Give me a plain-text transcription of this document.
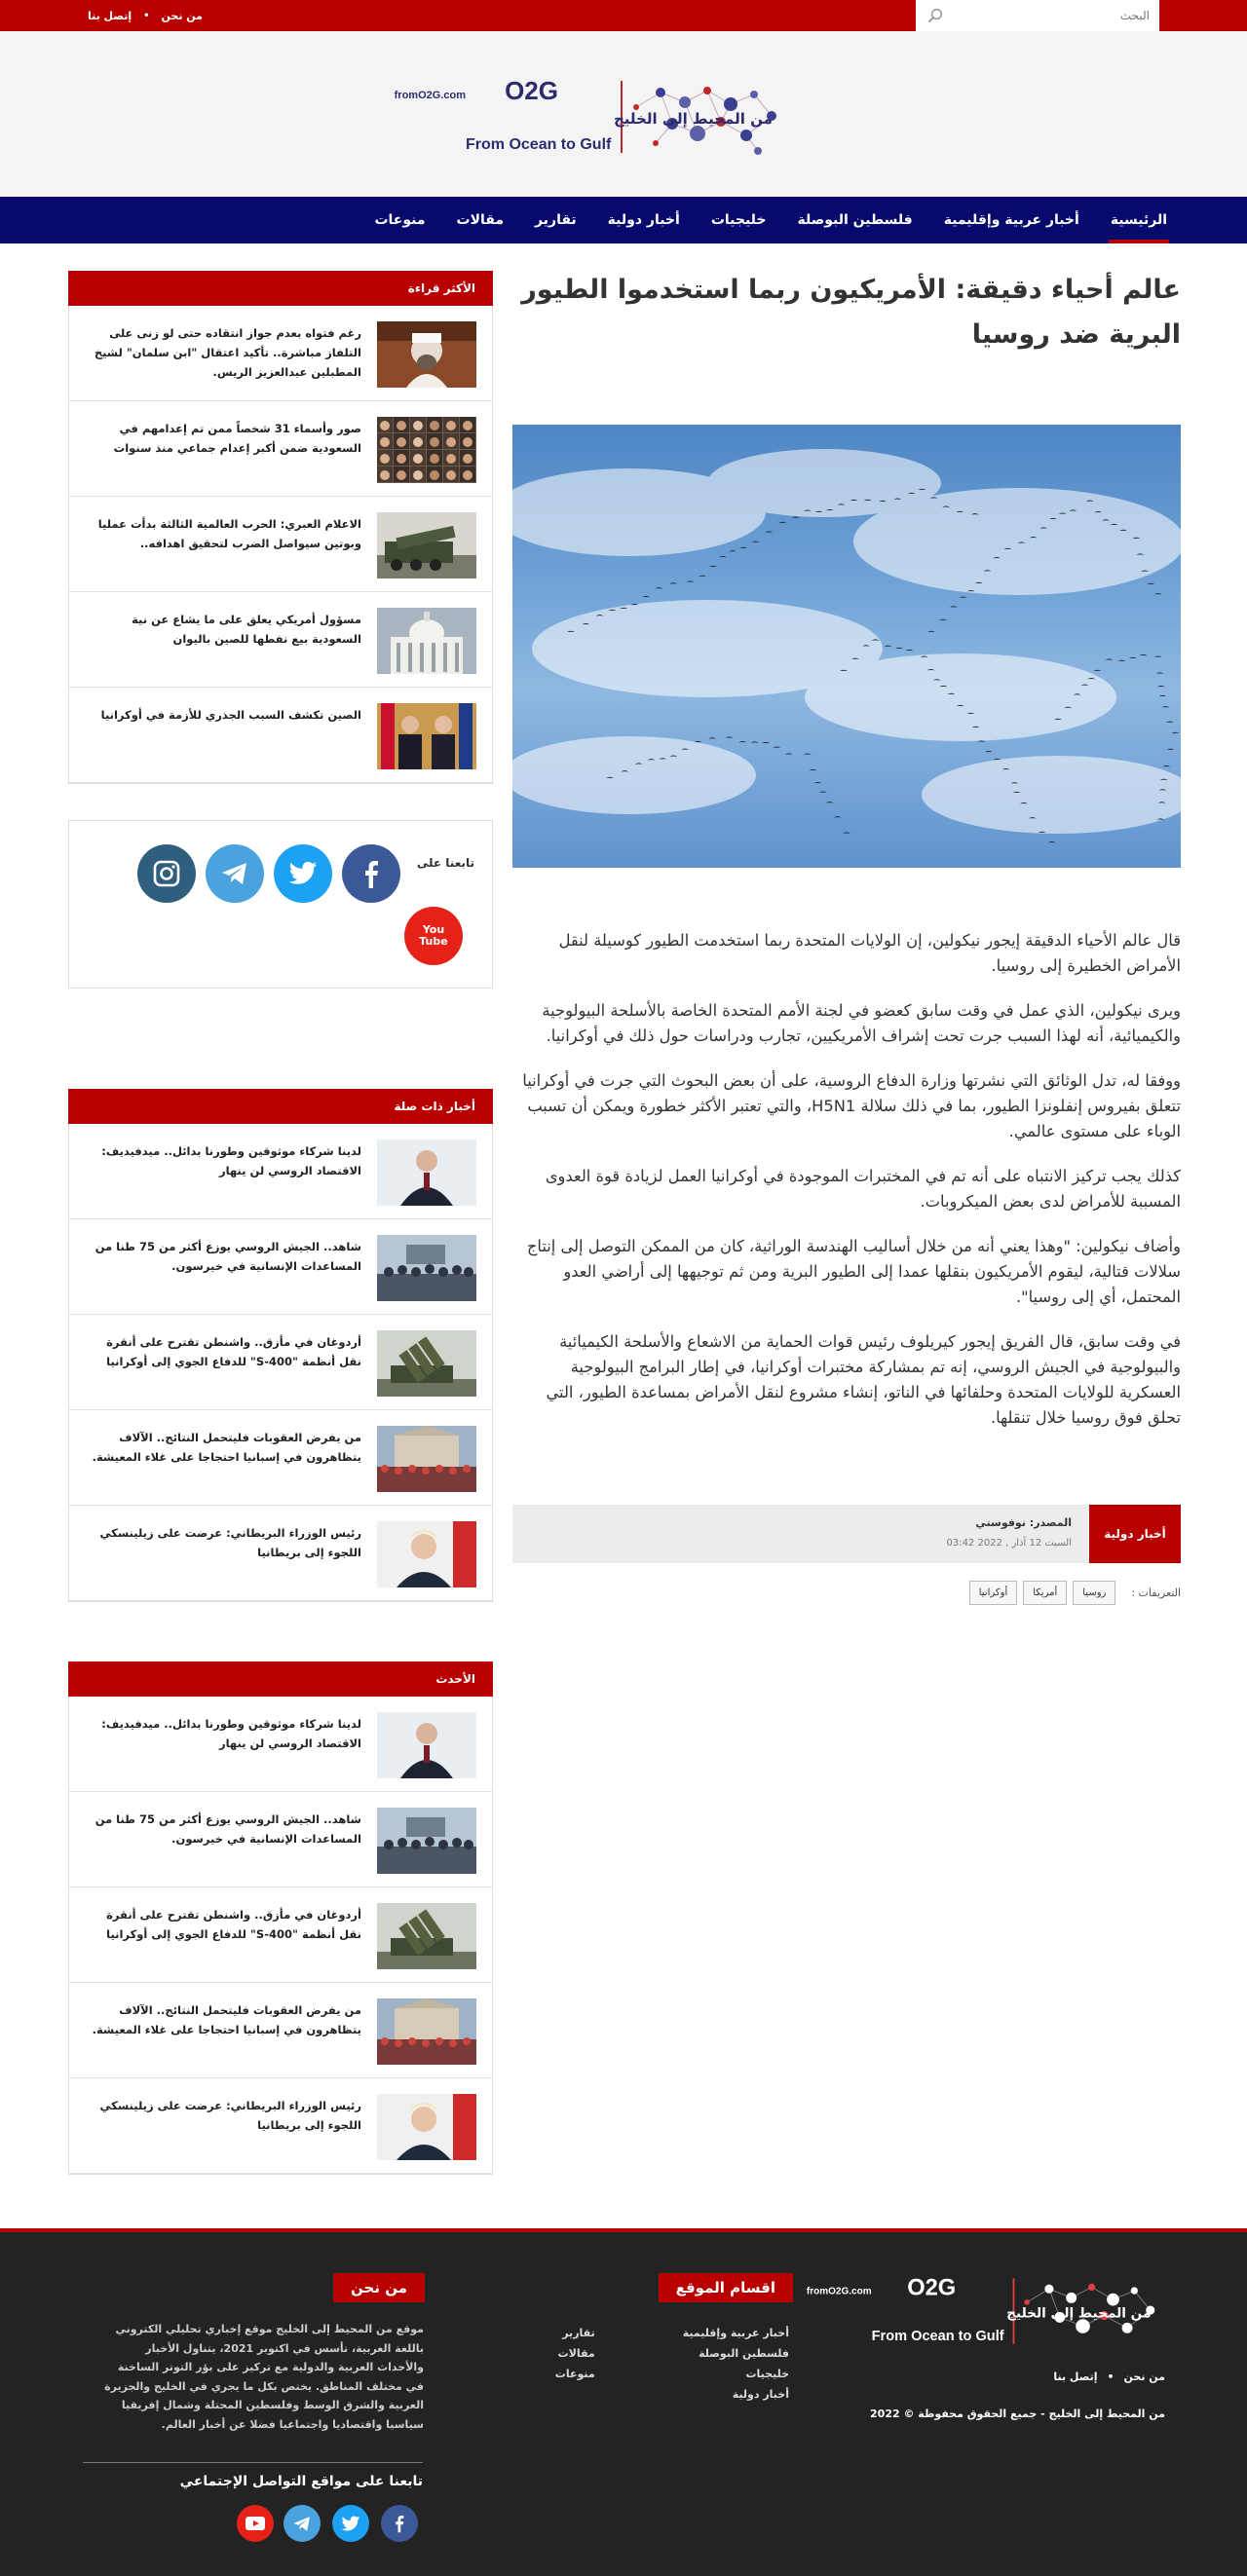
البحث
من نحن
•
إتصل بنا
fromO2G.com O2G
من المحيط إلى الخليج
From Ocean to Gulf
الرئيسية
أخبار عربية وإقليمية
فلسطين البوصلة
خليجيات
أخبار دولية
تقارير
مقالات
منوعات
عالم أحياء دقيقة: الأمريكيون ربما استخدموا الطيور البرية ضد روسيا

قال عالم الأحياء الدقيقة إيجور نيكولين، إن الولايات المتحدة ربما استخدمت الطيور كوسيلة لنقل الأمراض الخطيرة إلى روسيا.

ويرى نيكولين، الذي عمل في وقت سابق كعضو في لجنة الأمم المتحدة الخاصة بالأسلحة البيولوجية والكيميائية، أنه لهذا السبب جرت تحت إشراف الأمريكيين، تجارب ودراسات حول ذلك في أوكرانيا.

ووفقا له، تدل الوثائق التي نشرتها وزارة الدفاع الروسية، على أن بعض البحوث التي جرت في أوكرانيا تتعلق بفيروس إنفلونزا الطيور، بما في ذلك سلالة H5N1، والتي تعتبر الأكثر خطورة ويمكن أن تسبب الوباء على مستوى عالمي.

كذلك يجب تركيز الانتباه على أنه تم في المختبرات الموجودة في أوكرانيا العمل لزيادة قوة العدوى المسببة للأمراض لدى بعض الميكروبات.

وأضاف نيكولين: "وهذا يعني أنه من خلال أساليب الهندسة الوراثية، كان من الممكن التوصل إلى إنتاج سلالات قتالية، ليقوم الأمريكيون بنقلها عمدا إلى الطيور البرية ومن ثم توجيهها إلى أراضي العدو المحتمل، أي إلى روسيا".

في وقت سابق، قال الفريق إيجور كيريلوف رئيس قوات الحماية من الاشعاع والأسلحة الكيميائية والبيولوجية في الجيش الروسي، إنه تم بمشاركة مختبرات أوكرانيا، في إطار البرامج البيولوجية العسكرية للولايات المتحدة وحلفائها في الناتو، إنشاء مشروع لنقل الأمراض بمساعدة الطيور، التي تحلق فوق روسيا خلال تنقلها.

أخبار دولية
المصدر: نوفوستي
السبت 12 آذار , 2022 03:42
التعريفات :
روسيا
أمريكا
أوكرانيا
الأكثر قراءة
رغم فتواه بعدم جواز انتقاده حتى لو زنى على التلفاز مباشرة.. تأكيد اعتقال "ابن سلمان" لشيخ المطبلين عبدالعزيز الريس.
صور وأسماء 31 شخصاً ممن تم إعدامهم في السعودية ضمن أكبر إعدام جماعي منذ سنوات
الاعلام العبري: الحرب العالمية الثالثة بدأت عمليا وبوتين سيواصل الضرب لتحقيق اهدافه..
مسؤول أمريكي يعلق على ما يشاع عن نية السعودية بيع نفطها للصين باليوان
الصين تكشف السبب الجذري للأزمة في أوكرانيا
تابعنا على
You Tube
أخبار ذات صلة
لدينا شركاء موثوقين وطورنا بدائل.. ميدفيديف: الاقتصاد الروسي لن ينهار
شاهد.. الجيش الروسي يوزع أكثر من 75 طنا من المساعدات الإنسانية في خيرسون.
أردوغان في مأزق.. واشنطن تقترح على أنقرة نقل أنظمة "S-400" للدفاع الجوي إلى أوكرانيا
من يفرض العقوبات فليتحمل النتائج.. الآلاف يتظاهرون في إسبانيا احتجاجا على غلاء المعيشة.
رئيس الوزراء البريطاني: عرضت على زيلينسكي اللجوء إلى بريطانيا
الأحدث
لدينا شركاء موثوقين وطورنا بدائل.. ميدفيديف: الاقتصاد الروسي لن ينهار
شاهد.. الجيش الروسي يوزع أكثر من 75 طنا من المساعدات الإنسانية في خيرسون.
أردوغان في مأزق.. واشنطن تقترح على أنقرة نقل أنظمة "S-400" للدفاع الجوي إلى أوكرانيا
من يفرض العقوبات فليتحمل النتائج.. الآلاف يتظاهرون في إسبانيا احتجاجا على غلاء المعيشة.
رئيس الوزراء البريطاني: عرضت على زيلينسكي اللجوء إلى بريطانيا
fromO2G.com O2G
من المحيط إلى الخليج
From Ocean to Gulf
من نحن
•
إتصل بنا
من المحيط إلى الخليج - جميع الحقوق محفوظة © 2022
اقسام الموقع
أخبار عربية وإقليمية
تقارير
فلسطين البوصلة
مقالات
خليجيات
منوعات
أخبار دولية
من نحن
موقع من المحيط إلى الخليج موقع إخباري تحليلي الكتروني باللغة العربية، تأسس في اكتوبر 2021، يتناول الأخبار والأحداث العربية والدولية مع تركيز على بؤر التوتر الساخنة في مختلف المناطق. يختص بكل ما يجري في الخليج والجزيرة العربية والشرق الوسط وفلسطين المحتلة وشمال إفريقيا سياسيا واقتصاديا واجتماعيا فضلا عن أخبار العالم.
تابعنا على مواقع التواصل الإجتماعي
